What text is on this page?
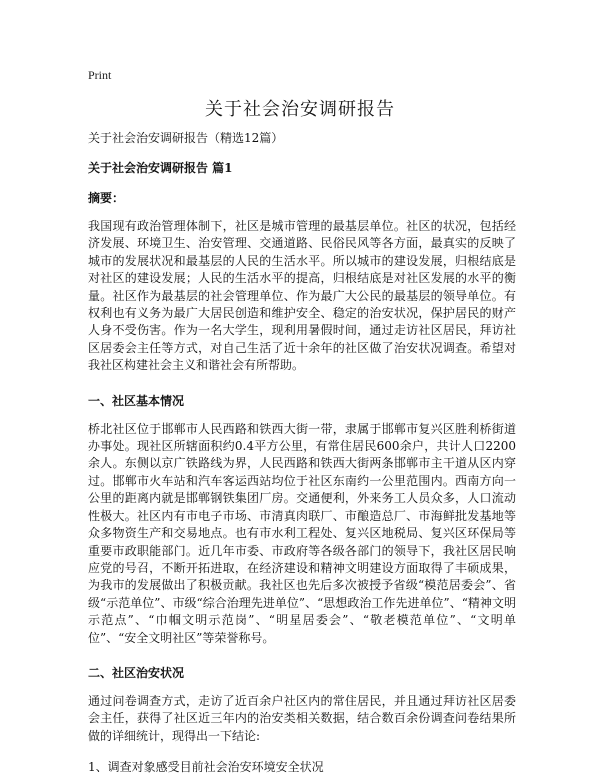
Print
关于社会治安调研报告

关于社会治安调研报告（精选12篇）

关于社会治安调研报告 篇1

摘要：

我国现有政治管理体制下，社区是城市管理的最基层单位。社区的状况，包括经济发展、环境卫生、治安管理、交通道路、民俗民风等各方面，最真实的反映了城市的发展状况和最基层的人民的生活水平。所以城市的建设发展，归根结底是对社区的建设发展；人民的生活水平的提高，归根结底是对社区发展的水平的衡量。社区作为最基层的社会管理单位、作为最广大公民的最基层的领导单位。有权利也有义务为最广大居民创造和维护安全、稳定的治安状况，保护居民的财产人身不受伤害。作为一名大学生，现利用暑假时间，通过走访社区居民，拜访社区居委会主任等方式，对自己生活了近十余年的社区做了治安状况调查。希望对我社区构建社会主义和谐社会有所帮助。

一、社区基本情况

桥北社区位于邯郸市人民西路和铁西大街一带，隶属于邯郸市复兴区胜利桥街道办事处。现社区所辖面积约0.4平方公里，有常住居民600余户，共计人口2200余人。东侧以京广铁路线为界，人民西路和铁西大街两条邯郸市主干道从区内穿过。邯郸市火车站和汽车客运西站均位于社区东南约一公里范围内。西南方向一公里的距离内就是邯郸钢铁集团厂房。交通便利，外来务工人员众多，人口流动性极大。社区内有市电子市场、市清真肉联厂、市酿造总厂、市海鲜批发基地等众多物资生产和交易地点。也有市水利工程处、复兴区地税局、复兴区环保局等重要市政职能部门。近几年市委、市政府等各级各部门的领导下，我社区居民响应党的号召，不断开拓进取，在经济建设和精神文明建设方面取得了丰硕成果，为我市的发展做出了积极贡献。我社区也先后多次被授予省级“模范居委会”、省级“示范单位”、市级“综合治理先进单位”、“思想政治工作先进单位”、“精神文明示范点”、“巾帼文明示范岗”、“明星居委会”、“敬老模范单位”、“文明单位”、“安全文明社区”等荣誉称号。

二、社区治安状况

通过问卷调查方式，走访了近百余户社区内的常住居民，并且通过拜访社区居委会主任，获得了社区近三年内的治安类相关数据，结合数百余份调查问卷结果所做的详细统计，现得出一下结论:

1、调查对象感受目前社会治安环境安全状况
